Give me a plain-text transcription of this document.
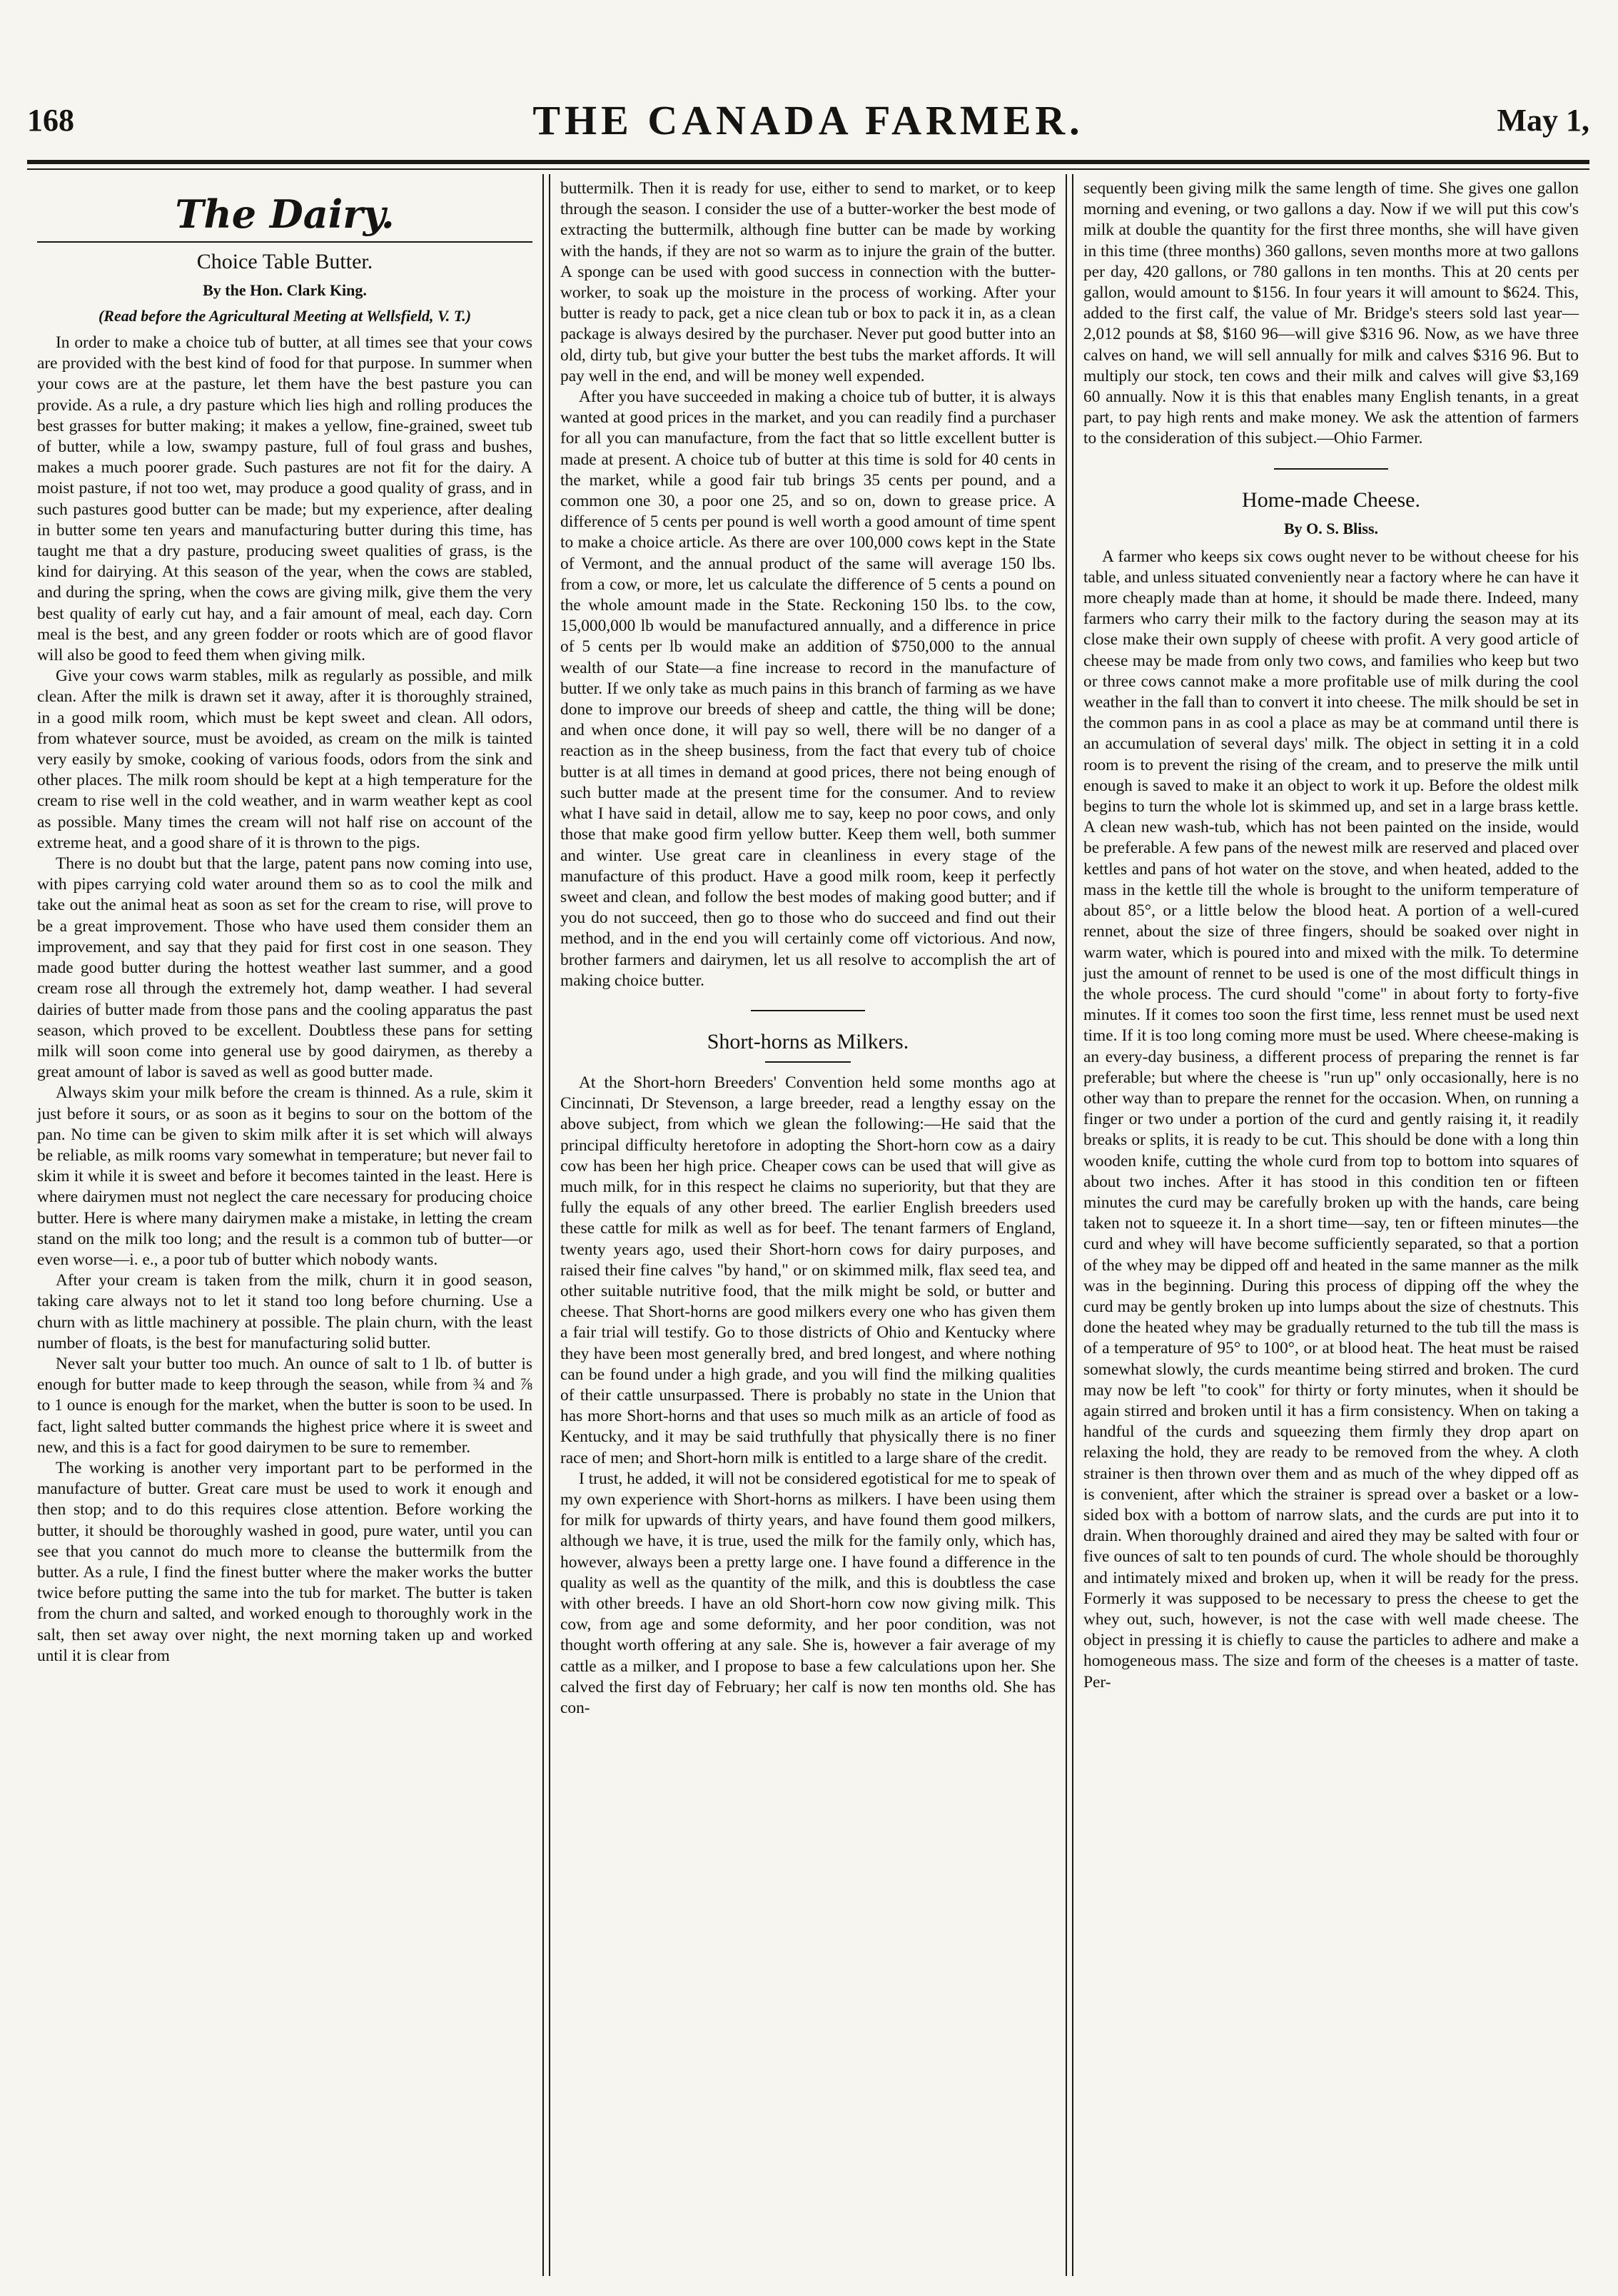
168	THE CANADA FARMER.	May 1,
The Dairy.
Choice Table Butter.
By the Hon. Clark King.
(Read before the Agricultural Meeting at Wellsfield, V. T.)

In order to make a choice tub of butter, at all times see that your cows are provided with the best kind of food for that purpose. In summer when your cows are at the pasture, let them have the best pasture you can provide. As a rule, a dry pasture which lies high and rolling produces the best grasses for butter making; it makes a yellow, fine-grained, sweet tub of butter, while a low, swampy pasture, full of foul grass and bushes, makes a much poorer grade. Such pastures are not fit for the dairy. A moist pasture, if not too wet, may produce a good quality of grass, and in such pastures good butter can be made; but my experience, after dealing in butter some ten years and manufacturing butter during this time, has taught me that a dry pasture, producing sweet qualities of grass, is the kind for dairying. At this season of the year, when the cows are stabled, and during the spring, when the cows are giving milk, give them the very best quality of early cut hay, and a fair amount of meal, each day. Corn meal is the best, and any green fodder or roots which are of good flavor will also be good to feed them when giving milk.

Give your cows warm stables, milk as regularly as possible, and milk clean. After the milk is drawn set it away, after it is thoroughly strained, in a good milk room, which must be kept sweet and clean. All odors, from whatever source, must be avoided, as cream on the milk is tainted very easily by smoke, cooking of various foods, odors from the sink and other places. The milk room should be kept at a high temperature for the cream to rise well in the cold weather, and in warm weather kept as cool as possible. Many times the cream will not half rise on account of the extreme heat, and a good share of it is thrown to the pigs.

There is no doubt but that the large, patent pans now coming into use, with pipes carrying cold water around them so as to cool the milk and take out the animal heat as soon as set for the cream to rise, will prove to be a great improvement. Those who have used them consider them an improvement, and say that they paid for first cost in one season. They made good butter during the hottest weather last summer, and a good cream rose all through the extremely hot, damp weather. I had several dairies of butter made from those pans and the cooling apparatus the past season, which proved to be excellent. Doubtless these pans for setting milk will soon come into general use by good dairymen, as thereby a great amount of labor is saved as well as good butter made.

Always skim your milk before the cream is thinned. As a rule, skim it just before it sours, or as soon as it begins to sour on the bottom of the pan. No time can be given to skim milk after it is set which will always be reliable, as milk rooms vary somewhat in temperature; but never fail to skim it while it is sweet and before it becomes tainted in the least. Here is where dairymen must not neglect the care necessary for producing choice butter. Here is where many dairymen make a mistake, in letting the cream stand on the milk too long; and the result is a common tub of butter—or even worse—i. e., a poor tub of butter which nobody wants.

After your cream is taken from the milk, churn it in good season, taking care always not to let it stand too long before churning. Use a churn with as little machinery at possible. The plain churn, with the least number of floats, is the best for manufacturing solid butter.

Never salt your butter too much. An ounce of salt to 1 lb. of butter is enough for butter made to keep through the season, while from ¾ and ⅞ to 1 ounce is enough for the market, when the butter is soon to be used. In fact, light salted butter commands the highest price where it is sweet and new, and this is a fact for good dairymen to be sure to remember.

The working is another very important part to be performed in the manufacture of butter. Great care must be used to work it enough and then stop; and to do this requires close attention. Before working the butter, it should be thoroughly washed in good, pure water, until you can see that you cannot do much more to cleanse the buttermilk from the butter. As a rule, I find the finest butter where the maker works the butter twice before putting the same into the tub for market. The butter is taken from the churn and salted, and worked enough to thoroughly work in the salt, then set away over night, the next morning taken up and worked until it is clear from

buttermilk. Then it is ready for use, either to send to market, or to keep through the season. I consider the use of a butter-worker the best mode of extracting the buttermilk, although fine butter can be made by working with the hands, if they are not so warm as to injure the grain of the butter. A sponge can be used with good success in connection with the butter-worker, to soak up the moisture in the process of working. After your butter is ready to pack, get a nice clean tub or box to pack it in, as a clean package is always desired by the purchaser. Never put good butter into an old, dirty tub, but give your butter the best tubs the market affords. It will pay well in the end, and will be money well expended.

After you have succeeded in making a choice tub of butter, it is always wanted at good prices in the market, and you can readily find a purchaser for all you can manufacture, from the fact that so little excellent butter is made at present. A choice tub of butter at this time is sold for 40 cents in the market, while a good fair tub brings 35 cents per pound, and a common one 30, a poor one 25, and so on, down to grease price. A difference of 5 cents per pound is well worth a good amount of time spent to make a choice article. As there are over 100,000 cows kept in the State of Vermont, and the annual product of the same will average 150 lbs. from a cow, or more, let us calculate the difference of 5 cents a pound on the whole amount made in the State. Reckoning 150 lbs. to the cow, 15,000,000 lb would be manufactured annually, and a difference in price of 5 cents per lb would make an addition of $750,000 to the annual wealth of our State—a fine increase to record in the manufacture of butter. If we only take as much pains in this branch of farming as we have done to improve our breeds of sheep and cattle, the thing will be done; and when once done, it will pay so well, there will be no danger of a reaction as in the sheep business, from the fact that every tub of choice butter is at all times in demand at good prices, there not being enough of such butter made at the present time for the consumer. And to review what I have said in detail, allow me to say, keep no poor cows, and only those that make good firm yellow butter. Keep them well, both summer and winter. Use great care in cleanliness in every stage of the manufacture of this product. Have a good milk room, keep it perfectly sweet and clean, and follow the best modes of making good butter; and if you do not succeed, then go to those who do succeed and find out their method, and in the end you will certainly come off victorious. And now, brother farmers and dairymen, let us all resolve to accomplish the art of making choice butter.

Short-horns as Milkers.

At the Short-horn Breeders' Convention held some months ago at Cincinnati, Dr Stevenson, a large breeder, read a lengthy essay on the above subject, from which we glean the following:—He said that the principal difficulty heretofore in adopting the Short-horn cow as a dairy cow has been her high price. Cheaper cows can be used that will give as much milk, for in this respect he claims no superiority, but that they are fully the equals of any other breed. The earlier English breeders used these cattle for milk as well as for beef. The tenant farmers of England, twenty years ago, used their Short-horn cows for dairy purposes, and raised their fine calves "by hand," or on skimmed milk, flax seed tea, and other suitable nutritive food, that the milk might be sold, or butter and cheese. That Short-horns are good milkers every one who has given them a fair trial will testify. Go to those districts of Ohio and Kentucky where they have been most generally bred, and bred longest, and where nothing can be found under a high grade, and you will find the milking qualities of their cattle unsurpassed. There is probably no state in the Union that has more Short-horns and that uses so much milk as an article of food as Kentucky, and it may be said truthfully that physically there is no finer race of men; and Short-horn milk is entitled to a large share of the credit.

I trust, he added, it will not be considered egotistical for me to speak of my own experience with Short-horns as milkers. I have been using them for milk for upwards of thirty years, and have found them good milkers, although we have, it is true, used the milk for the family only, which has, however, always been a pretty large one. I have found a difference in the quality as well as the quantity of the milk, and this is doubtless the case with other breeds. I have an old Short-horn cow now giving milk. This cow, from age and some deformity, and her poor condition, was not thought worth offering at any sale. She is, however a fair average of my cattle as a milker, and I propose to base a few calculations upon her. She calved the first day of February; her calf is now ten months old. She has con-

sequently been giving milk the same length of time. She gives one gallon morning and evening, or two gallons a day. Now if we will put this cow's milk at double the quantity for the first three months, she will have given in this time (three months) 360 gallons, seven months more at two gallons per day, 420 gallons, or 780 gallons in ten months. This at 20 cents per gallon, would amount to $156. In four years it will amount to $624. This, added to the first calf, the value of Mr. Bridge's steers sold last year—2,012 pounds at $8, $160 96—will give $316 96. Now, as we have three calves on hand, we will sell annually for milk and calves $316 96. But to multiply our stock, ten cows and their milk and calves will give $3,169 60 annually. Now it is this that enables many English tenants, in a great part, to pay high rents and make money. We ask the attention of farmers to the consideration of this subject.—Ohio Farmer.

Home-made Cheese.
By O. S. Bliss.

A farmer who keeps six cows ought never to be without cheese for his table, and unless situated conveniently near a factory where he can have it more cheaply made than at home, it should be made there. Indeed, many farmers who carry their milk to the factory during the season may at its close make their own supply of cheese with profit. A very good article of cheese may be made from only two cows, and families who keep but two or three cows cannot make a more profitable use of milk during the cool weather in the fall than to convert it into cheese. The milk should be set in the common pans in as cool a place as may be at command until there is an accumulation of several days' milk. The object in setting it in a cold room is to prevent the rising of the cream, and to preserve the milk until enough is saved to make it an object to work it up. Before the oldest milk begins to turn the whole lot is skimmed up, and set in a large brass kettle. A clean new wash-tub, which has not been painted on the inside, would be preferable. A few pans of the newest milk are reserved and placed over kettles and pans of hot water on the stove, and when heated, added to the mass in the kettle till the whole is brought to the uniform temperature of about 85°, or a little below the blood heat. A portion of a well-cured rennet, about the size of three fingers, should be soaked over night in warm water, which is poured into and mixed with the milk. To determine just the amount of rennet to be used is one of the most difficult things in the whole process. The curd should "come" in about forty to forty-five minutes. If it comes too soon the first time, less rennet must be used next time. If it is too long coming more must be used. Where cheese-making is an every-day business, a different process of preparing the rennet is far preferable; but where the cheese is "run up" only occasionally, here is no other way than to prepare the rennet for the occasion. When, on running a finger or two under a portion of the curd and gently raising it, it readily breaks or splits, it is ready to be cut. This should be done with a long thin wooden knife, cutting the whole curd from top to bottom into squares of about two inches. After it has stood in this condition ten or fifteen minutes the curd may be carefully broken up with the hands, care being taken not to squeeze it. In a short time—say, ten or fifteen minutes—the curd and whey will have become sufficiently separated, so that a portion of the whey may be dipped off and heated in the same manner as the milk was in the beginning. During this process of dipping off the whey the curd may be gently broken up into lumps about the size of chestnuts. This done the heated whey may be gradually returned to the tub till the mass is of a temperature of 95° to 100°, or at blood heat. The heat must be raised somewhat slowly, the curds meantime being stirred and broken. The curd may now be left "to cook" for thirty or forty minutes, when it should be again stirred and broken until it has a firm consistency. When on taking a handful of the curds and squeezing them firmly they drop apart on relaxing the hold, they are ready to be removed from the whey. A cloth strainer is then thrown over them and as much of the whey dipped off as is convenient, after which the strainer is spread over a basket or a low-sided box with a bottom of narrow slats, and the curds are put into it to drain. When thoroughly drained and aired they may be salted with four or five ounces of salt to ten pounds of curd. The whole should be thoroughly and intimately mixed and broken up, when it will be ready for the press. Formerly it was supposed to be necessary to press the cheese to get the whey out, such, however, is not the case with well made cheese. The object in pressing it is chiefly to cause the particles to adhere and make a homogeneous mass. The size and form of the cheeses is a matter of taste. Per-
